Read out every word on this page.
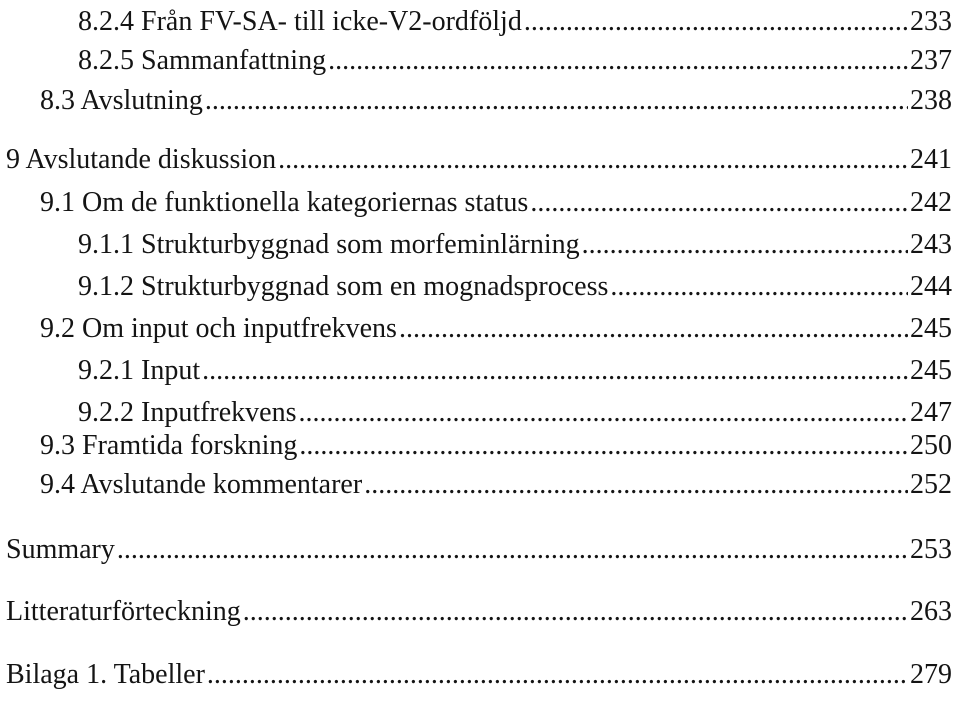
8.2.4 Från FV-SA- till icke-V2-ordföljd .....	233
8.2.5 Sammanfattning .....	237
8.3 Avslutning .....	238
9 Avslutande diskussion .....	241
9.1 Om de funktionella kategoriernas status .....	242
9.1.1 Strukturbyggnad som morfeminlärning .....	243
9.1.2 Strukturbyggnad som en mognadsprocess .....	244
9.2 Om input och inputfrekvens .....	245
9.2.1 Input .....	245
9.2.2 Inputfrekvens .....	247
9.3 Framtida forskning .....	250
9.4 Avslutande kommentarer .....	252
Summary .....	253
Litteraturförteckning .....	263
Bilaga 1. Tabeller .....	279
